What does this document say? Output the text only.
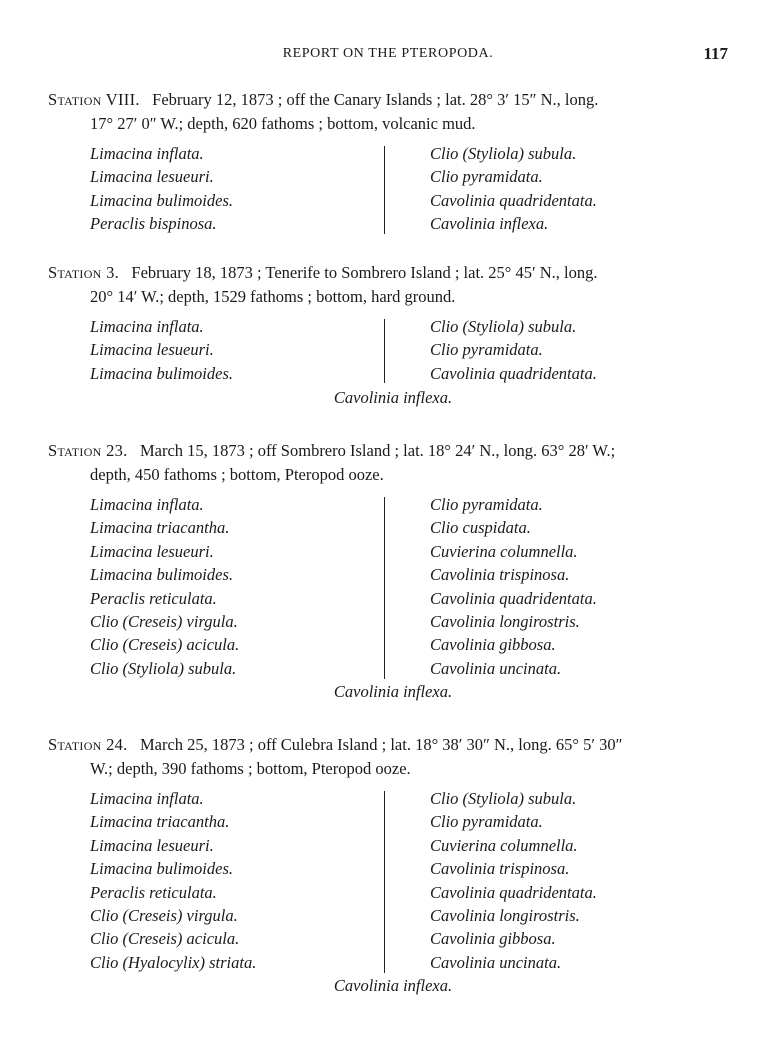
REPORT ON THE PTEROPODA.	117
Station VIII. February 12, 1873 ; off the Canary Islands ; lat. 28° 3′ 15″ N., long.
17° 27′ 0″ W.; depth, 620 fathoms ; bottom, volcanic mud.
Limacina inflata.
Limacina lesueuri.
Limacina bulimoides.
Peraclis bispinosa.
Clio (Styliola) subula.
Clio pyramidata.
Cavolinia quadridentata.
Cavolinia inflexa.
Station 3. February 18, 1873 ; Tenerife to Sombrero Island ; lat. 25° 45′ N., long.
20° 14′ W.; depth, 1529 fathoms ; bottom, hard ground.
Limacina inflata.
Limacina lesueuri.
Limacina bulimoides.
Clio (Styliola) subula.
Clio pyramidata.
Cavolinia quadridentata.
Cavolinia inflexa.
Station 23. March 15, 1873 ; off Sombrero Island ; lat. 18° 24′ N., long. 63° 28′ W.;
depth, 450 fathoms ; bottom, Pteropod ooze.
Limacina inflata.
Limacina triacantha.
Limacina lesueuri.
Limacina bulimoides.
Peraclis reticulata.
Clio (Creseis) virgula.
Clio (Creseis) acicula.
Clio (Styliola) subula.
Clio pyramidata.
Clio cuspidata.
Cuvierina columnella.
Cavolinia trispinosa.
Cavolinia quadridentata.
Cavolinia longirostris.
Cavolinia gibbosa.
Cavolinia uncinata.
Cavolinia inflexa.
Station 24. March 25, 1873 ; off Culebra Island ; lat. 18° 38′ 30″ N., long. 65° 5′ 30″
W.; depth, 390 fathoms ; bottom, Pteropod ooze.
Limacina inflata.
Limacina triacantha.
Limacina lesueuri.
Limacina bulimoides.
Peraclis reticulata.
Clio (Creseis) virgula.
Clio (Creseis) acicula.
Clio (Hyalocylix) striata.
Clio (Styliola) subula.
Clio pyramidata.
Cuvierina columnella.
Cavolinia trispinosa.
Cavolinia quadridentata.
Cavolinia longirostris.
Cavolinia gibbosa.
Cavolinia uncinata.
Cavolinia inflexa.
